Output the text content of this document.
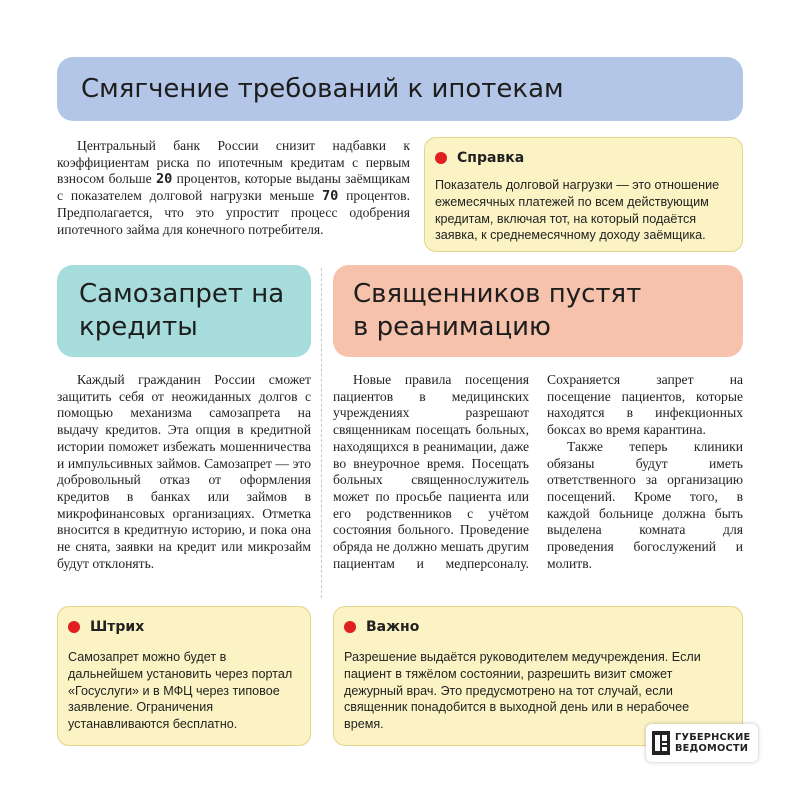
Смягчение требований к ипотекам

Центральный банк России снизит надбавки к коэффициентам риска по ипотечным кредитам с первым взносом больше 20 процентов, которые выданы заёмщикам с показателем долговой нагрузки меньше 70 процентов. Предполагается, что это упростит процесс одобрения ипотечного займа для конечного потребителя.

Справка
Показатель долговой нагрузки — это отношение ежемесячных платежей по всем действующим кредитам, включая тот, на который подаётся заявка, к среднемесячному доходу заёмщика.
Самозапрет на
кредиты
Священников пустят
в реанимацию

Каждый гражданин России сможет защитить себя от неожиданных долгов с помощью механизма самозапрета на выдачу кредитов. Эта опция в кредитной истории поможет избежать мошенничества и импульсивных займов. Самозапрет — это добровольный отказ от оформления кредитов в банках или займов в микрофинансовых организациях. Отметка вносится в кредитную историю, и пока она не снята, заявки на кредит или микрозайм будут отклонять.

Новые правила посещения пациентов в медицинских учреждениях разрешают священникам посещать больных, находящихся в реанимации, даже во внеурочное время. Посещать больных священнослужитель может по просьбе пациента или его родственников с учётом состояния больного. Проведение обряда не должно мешать другим пациентам и медперсоналу. Сохраняется запрет на посещение пациентов, которые находятся в инфекционных боксах во время карантина.

Также теперь клиники обязаны будут иметь ответственного за организацию посещений. Кроме того, в каждой больнице должна быть выделена комната для проведения богослужений и молитв.

Штрих
Самозапрет можно будет в дальнейшем установить через портал «Госуслуги» и в МФЦ через типовое заявление. Ограничения устанавливаются бесплатно.
Важно
Разрешение выдаётся руководителем медучреждения. Если пациент в тяжёлом состоянии, разрешить визит сможет дежурный врач. Это предусмотрено на тот случай, если священник понадобится в выходной день или в нерабочее время.
ГУБЕРНСКИЕ
ВЕДОМОСТИ
